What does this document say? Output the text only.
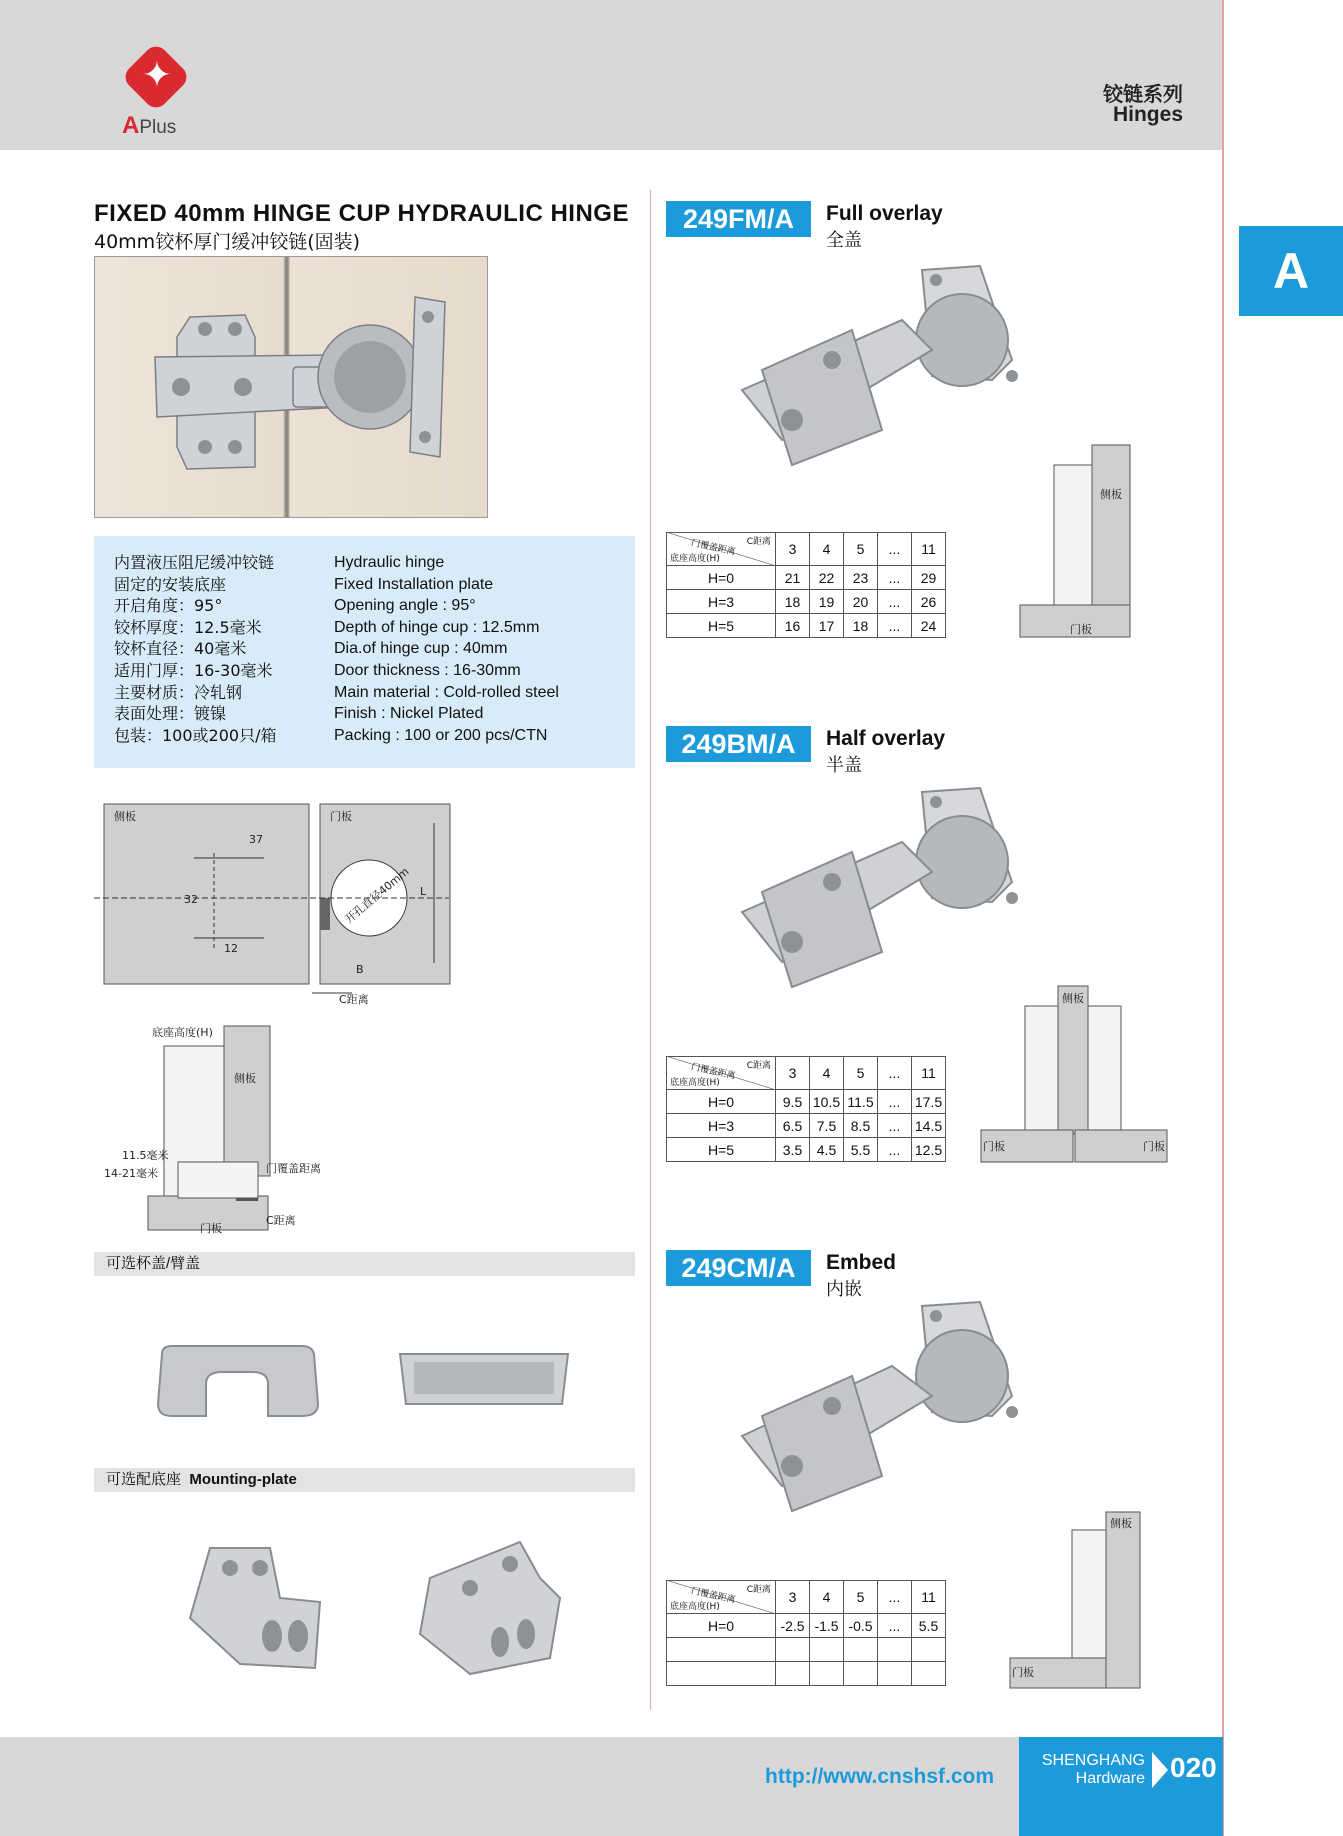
✦
APlus
铰链系列
Hinges
A
FIXED 40mm HINGE CUP HYDRAULIC HINGE
40mm铰杯厚门缓冲铰链(固装)
内置液压阻尼缓冲铰链
固定的安装底座
开启角度：95°
铰杯厚度：12.5毫米
铰杯直径：40毫米
适用门厚：16-30毫米
主要材质：冷轧钢
表面处理：镀镍
包装：100或200只/箱
Hydraulic hinge
Fixed Installation plate
Opening angle : 95°
Depth of hinge cup : 12.5mm
Dia.of hinge cup : 40mm
Door thickness : 16-30mm
Main material : Cold-rolled steel
Finish : Nickel Plated
Packing : 100 or 200 pcs/CTN
侧板	门板
37
32
12
开孔直径40mm L
B
C距离
底座高度(H)
侧板
11.5毫米
14-21毫米	门覆盖距离
门板
C距离
可选杯盖/臂盖
可选配底座 Mounting-plate
249FM/A	Full overlay
全盖
侧板
门板
C距离
门覆盖距离
底座高度(H)	3	4	5	...	11
H=0	21	22	23	...	29
H=3	18	19	20	...	26
H=5	16	17	18	...	24
249BM/A	Half overlay
半盖
侧板
门板	门板
C距离
门覆盖距离
底座高度(H)	3	4	5	...	11
H=0	9.5	10.5	11.5	...	17.5
H=3	6.5	7.5	8.5	...	14.5
H=5	3.5	4.5	5.5	...	12.5
249CM/A	Embed
内嵌
侧板
门板
C距离
门覆盖距离
底座高度(H)	3	4	5	...	11
H=0	-2.5	-1.5	-0.5	...	5.5

http://www.cnshsf.com
SHENGHANG
Hardware 020
